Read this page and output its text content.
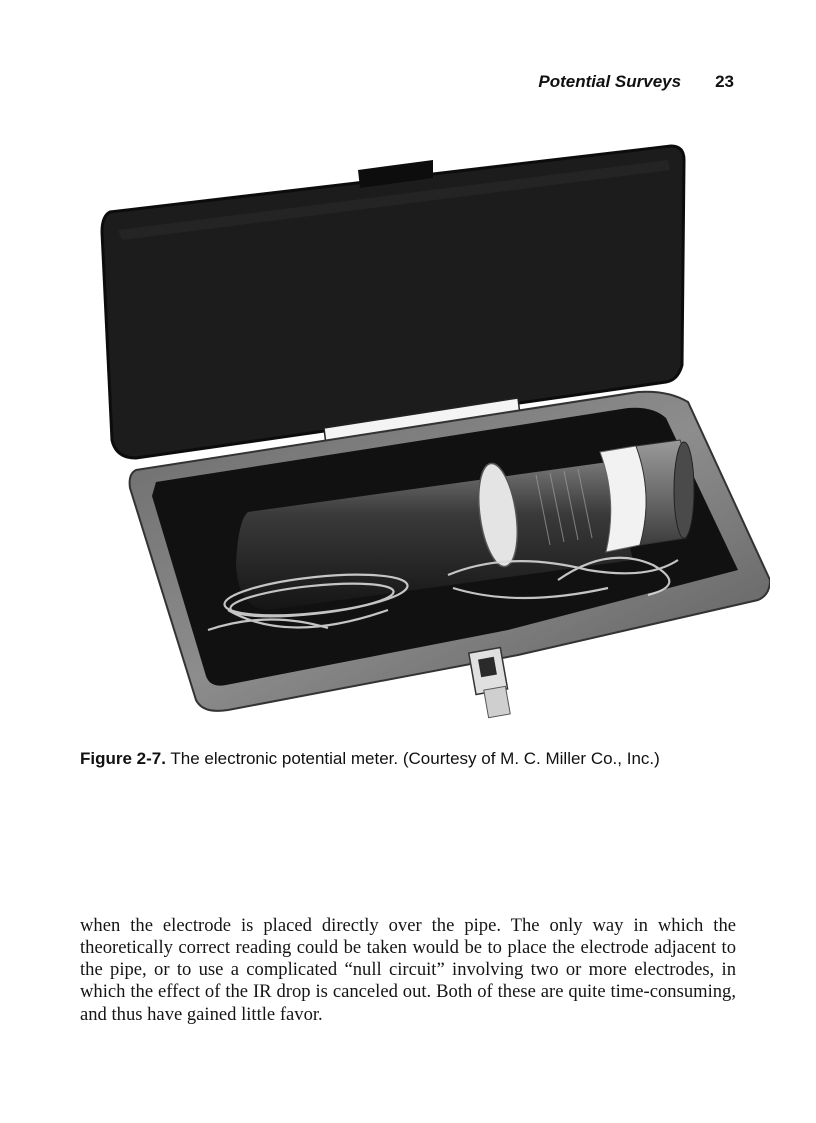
Potential Surveys 23
Figure 2-7. The electronic potential meter. (Courtesy of M. C. Miller Co., Inc.)

when the electrode is placed directly over the pipe. The only way in which the theoretically correct reading could be taken would be to place the electrode adjacent to the pipe, or to use a complicated “null circuit” involving two or more electrodes, in which the effect of the IR drop is canceled out. Both of these are quite time-consuming, and thus have gained little favor.
